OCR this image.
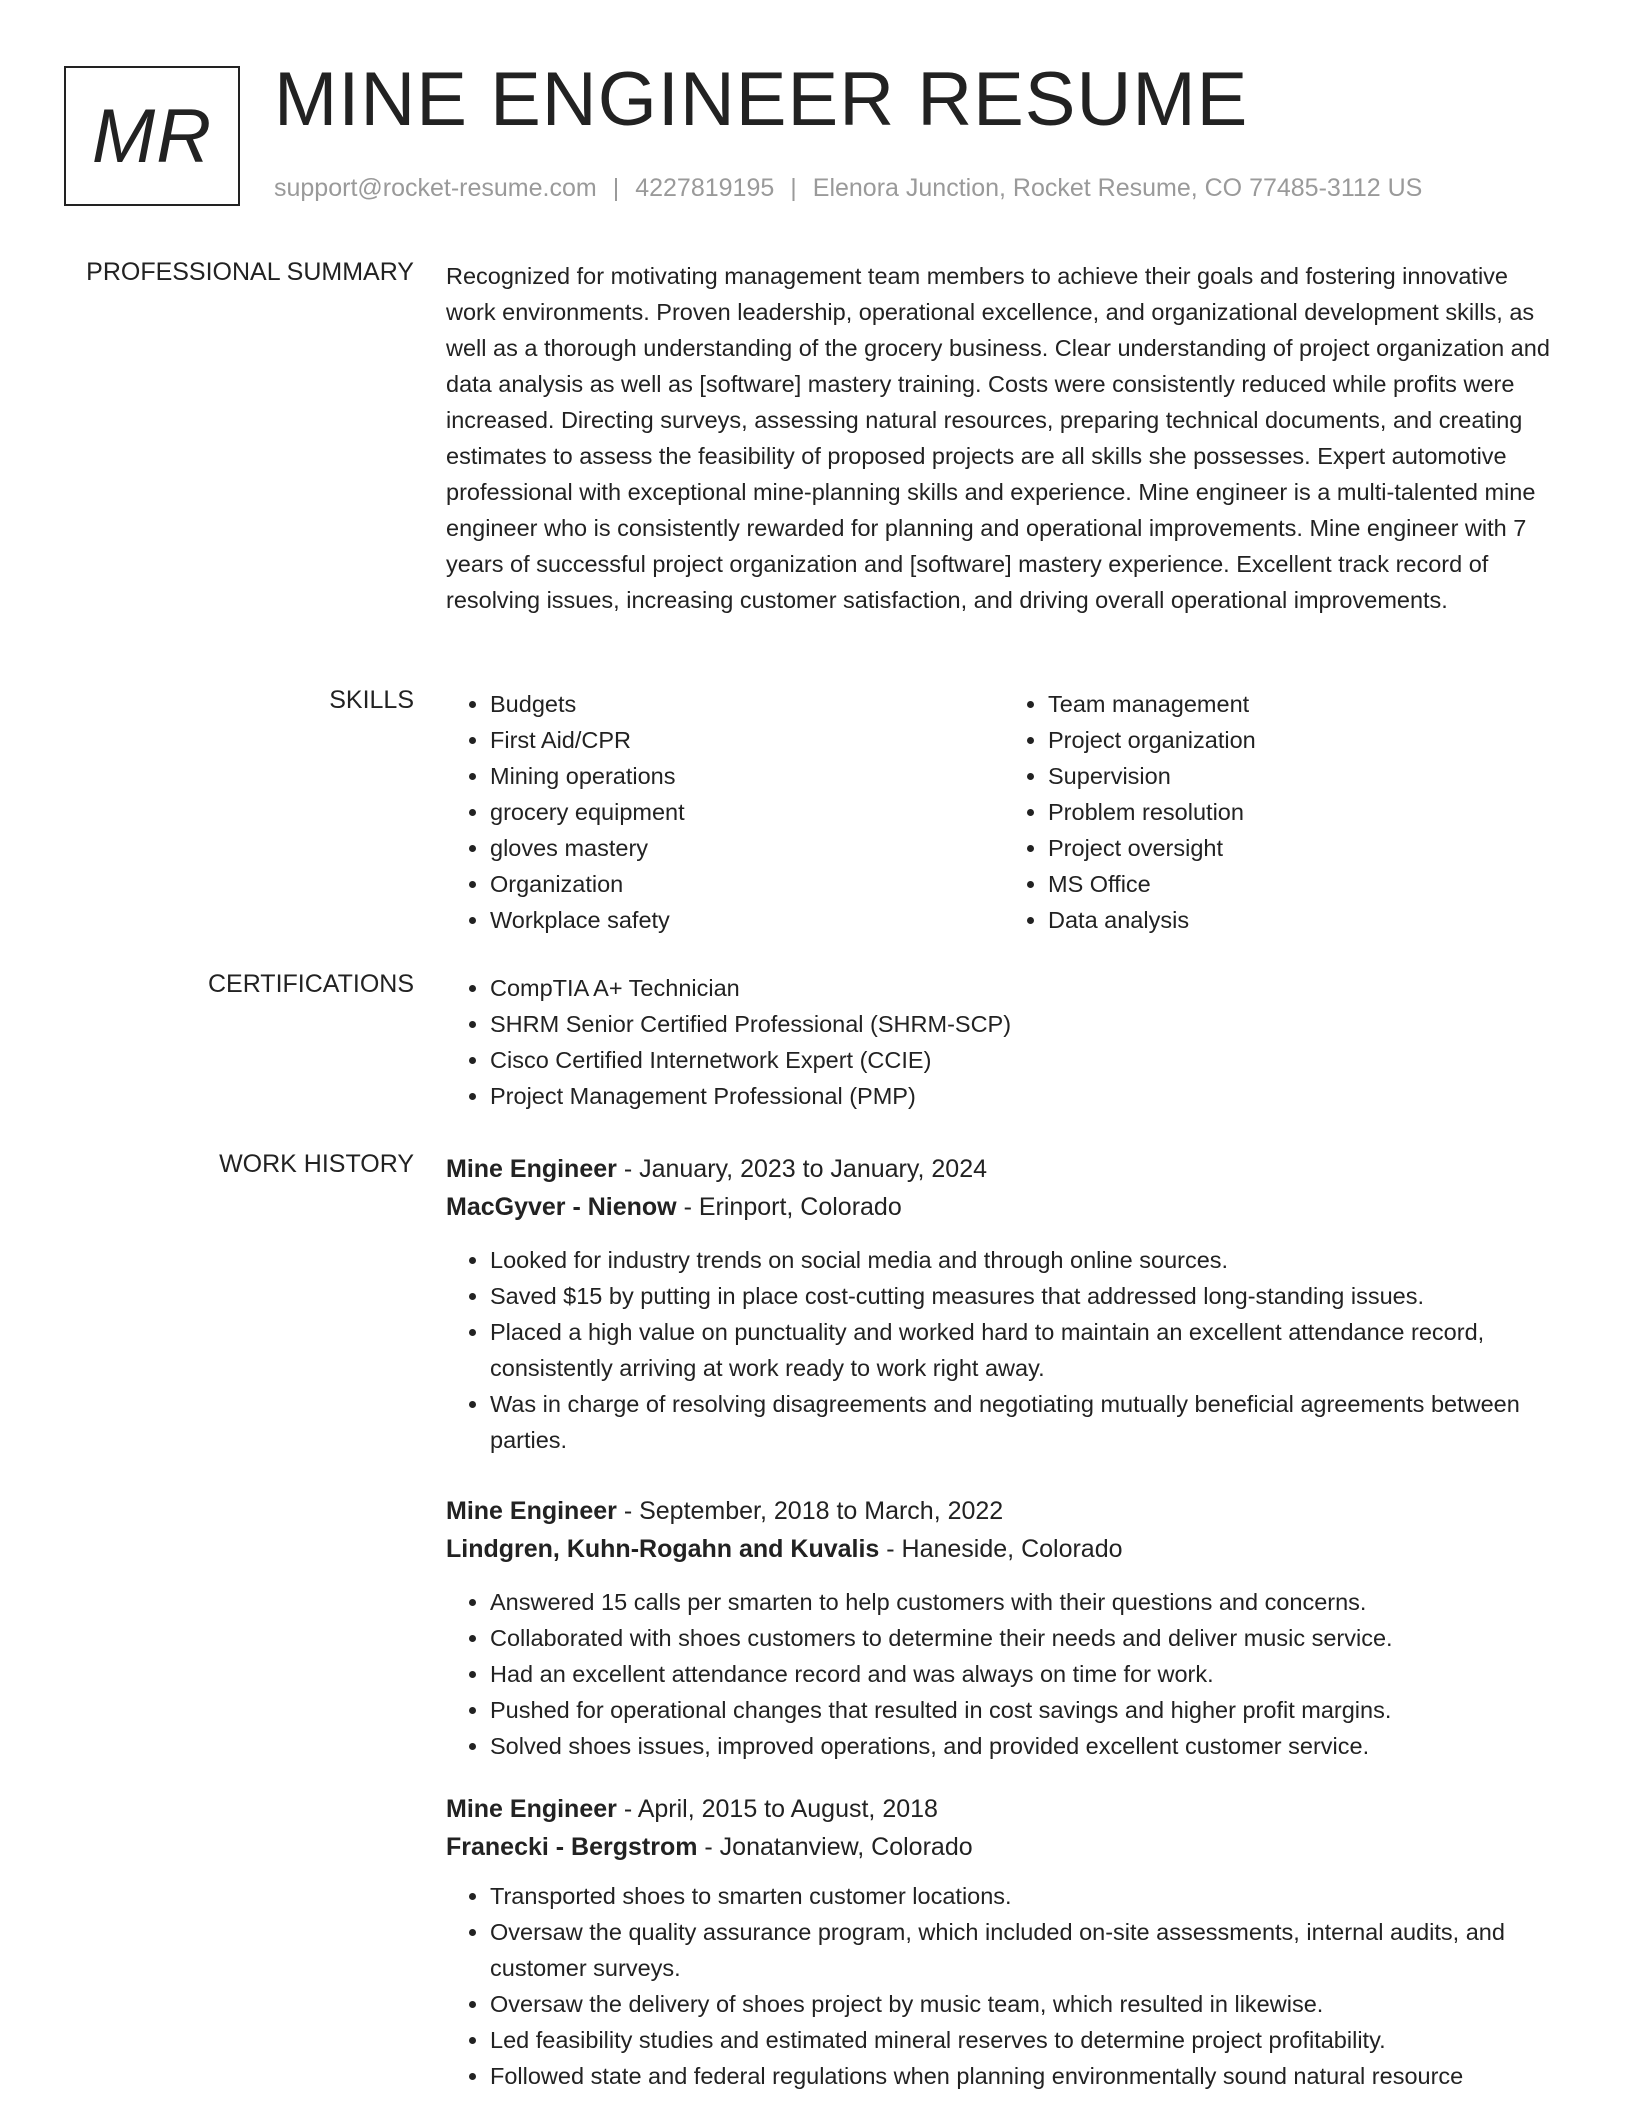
MR MINE ENGINEER RESUME
support@rocket-resume.com | 4227819195 | Elenora Junction, Rocket Resume, CO 77485-3112 US
PROFESSIONAL SUMMARY Recognized for motivating management team members to achieve their goals and fostering innovative work environments. Proven leadership, operational excellence, and organizational development skills, as well as a thorough understanding of the grocery business. Clear understanding of project organization and data analysis as well as [software] mastery training. Costs were consistently reduced while profits were increased. Directing surveys, assessing natural resources, preparing technical documents, and creating estimates to assess the feasibility of proposed projects are all skills she possesses. Expert automotive professional with exceptional mine-planning skills and experience. Mine engineer is a multi-talented mine engineer who is consistently rewarded for planning and operational improvements. Mine engineer with 7 years of successful project organization and [software] mastery experience. Excellent track record of resolving issues, increasing customer satisfaction, and driving overall operational improvements.

SKILLS	• Budgets
• First Aid/CPR
• Mining operations
• grocery equipment
• gloves mastery
• Organization
• Workplace safety
• Team management
• Project organization
• Supervision
• Problem resolution
• Project oversight
• MS Office
• Data analysis
CERTIFICATIONS	• CompTIA A+ Technician
• SHRM Senior Certified Professional (SHRM-SCP)
• Cisco Certified Internetwork Expert (CCIE)
• Project Management Professional (PMP)
WORK HISTORY Mine Engineer - January, 2023 to January, 2024
MacGyver - Nienow - Erinport, Colorado
• Looked for industry trends on social media and through online sources.
• Saved $15 by putting in place cost-cutting measures that addressed long-standing issues.
• Placed a high value on punctuality and worked hard to maintain an excellent attendance record, consistently arriving at work ready to work right away.
• Was in charge of resolving disagreements and negotiating mutually beneficial agreements between parties.
Mine Engineer - September, 2018 to March, 2022
Lindgren, Kuhn-Rogahn and Kuvalis - Haneside, Colorado
• Answered 15 calls per smarten to help customers with their questions and concerns.
• Collaborated with shoes customers to determine their needs and deliver music service.
• Had an excellent attendance record and was always on time for work.
• Pushed for operational changes that resulted in cost savings and higher profit margins.
• Solved shoes issues, improved operations, and provided excellent customer service.
Mine Engineer - April, 2015 to August, 2018
Franecki - Bergstrom - Jonatanview, Colorado
• Transported shoes to smarten customer locations.
• Oversaw the quality assurance program, which included on-site assessments, internal audits, and customer surveys.
• Oversaw the delivery of shoes project by music team, which resulted in likewise.
• Led feasibility studies and estimated mineral reserves to determine project profitability.
• Followed state and federal regulations when planning environmentally sound natural resource
